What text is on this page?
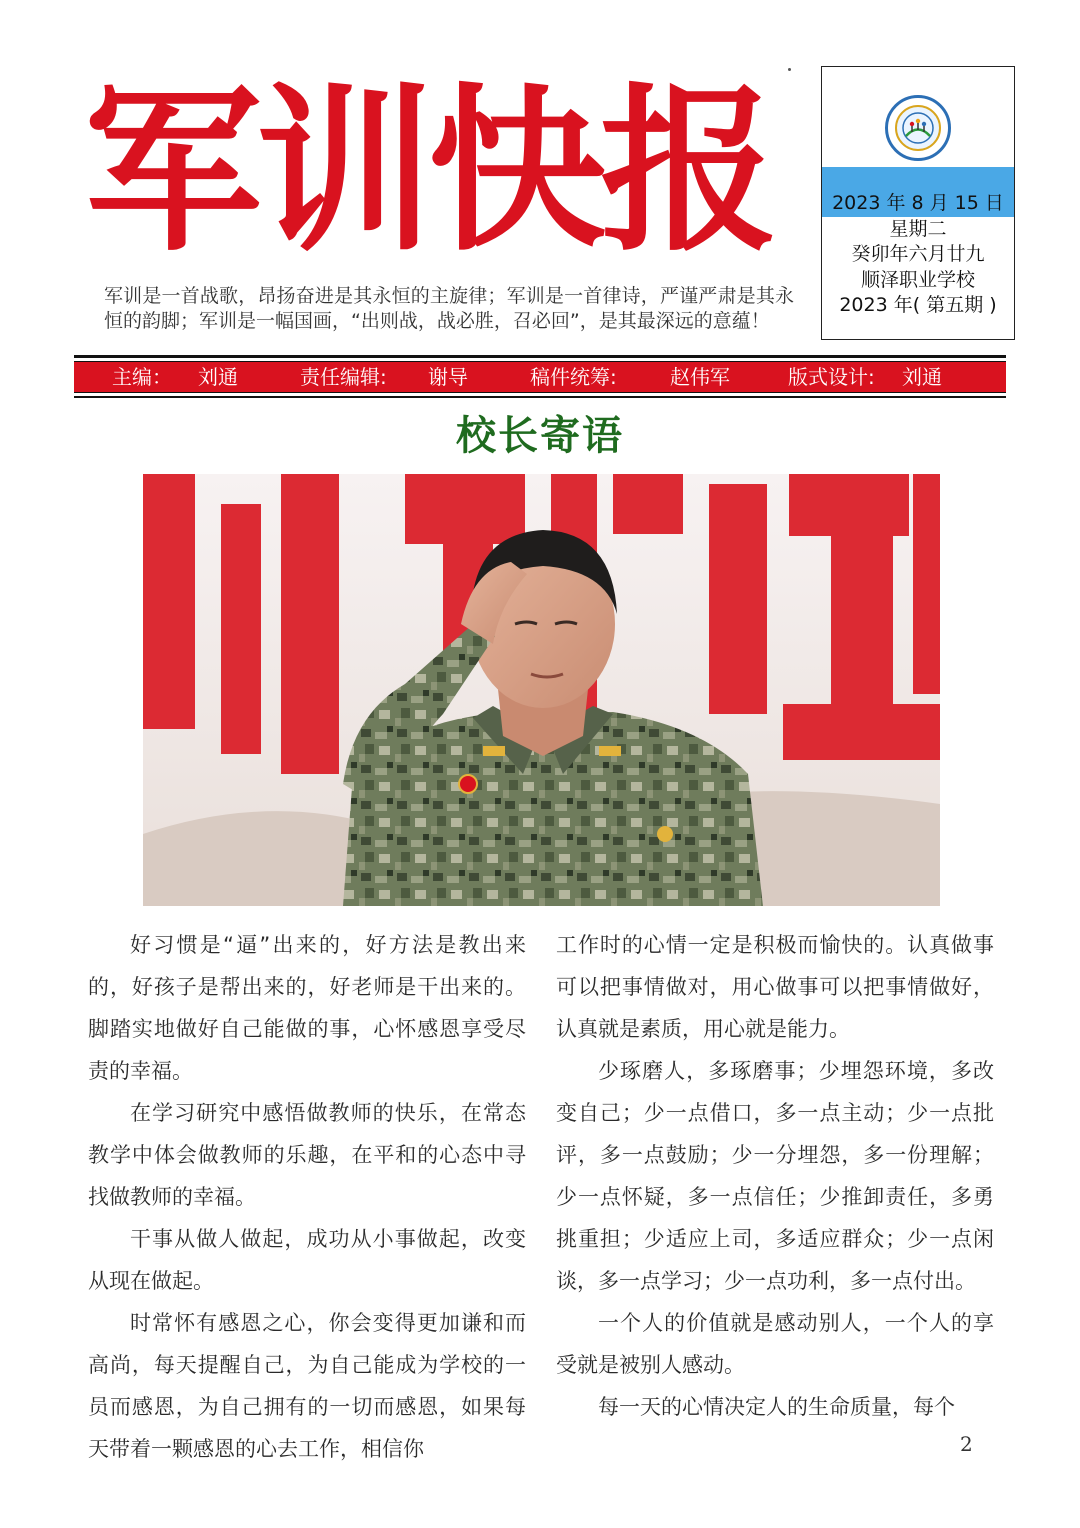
军训快报
军训是一首战歌，昂扬奋进是其永恒的主旋律；军训是一首律诗，严谨严肃是其永恒的韵脚；军训是一幅国画，“出则战，战必胜，召必回”，是其最深远的意蕴！
2023 年 8 月 15 日
星期二
癸卯年六月廿九
顺泽职业学校
2023 年( 第五期 )
主编： 刘通	责任编辑: 谢导	稿件统筹:	赵伟军	版式设计: 刘通
校长寄语

好习惯是“逼”出来的，好方法是教出来的，好孩子是帮出来的，好老师是干出来的。脚踏实地做好自己能做的事，心怀感恩享受尽责的幸福。

在学习研究中感悟做教师的快乐，在常态教学中体会做教师的乐趣，在平和的心态中寻找做教师的幸福。

干事从做人做起，成功从小事做起，改变从现在做起。

时常怀有感恩之心，你会变得更加谦和而高尚，每天提醒自己，为自己能成为学校的一员而感恩，为自己拥有的一切而感恩，如果每天带着一颗感恩的心去工作，相信你

工作时的心情一定是积极而愉快的。认真做事可以把事情做对，用心做事可以把事情做好，认真就是素质，用心就是能力。

少琢磨人，多琢磨事；少埋怨环境，多改变自己；少一点借口，多一点主动；少一点批评，多一点鼓励；少一分埋怨，多一份理解；少一点怀疑，多一点信任；少推卸责任，多勇挑重担；少适应上司，多适应群众；少一点闲谈，多一点学习；少一点功利，多一点付出。

一个人的价值就是感动别人，一个人的享受就是被别人感动。

每一天的心情决定人的生命质量，每个

2
